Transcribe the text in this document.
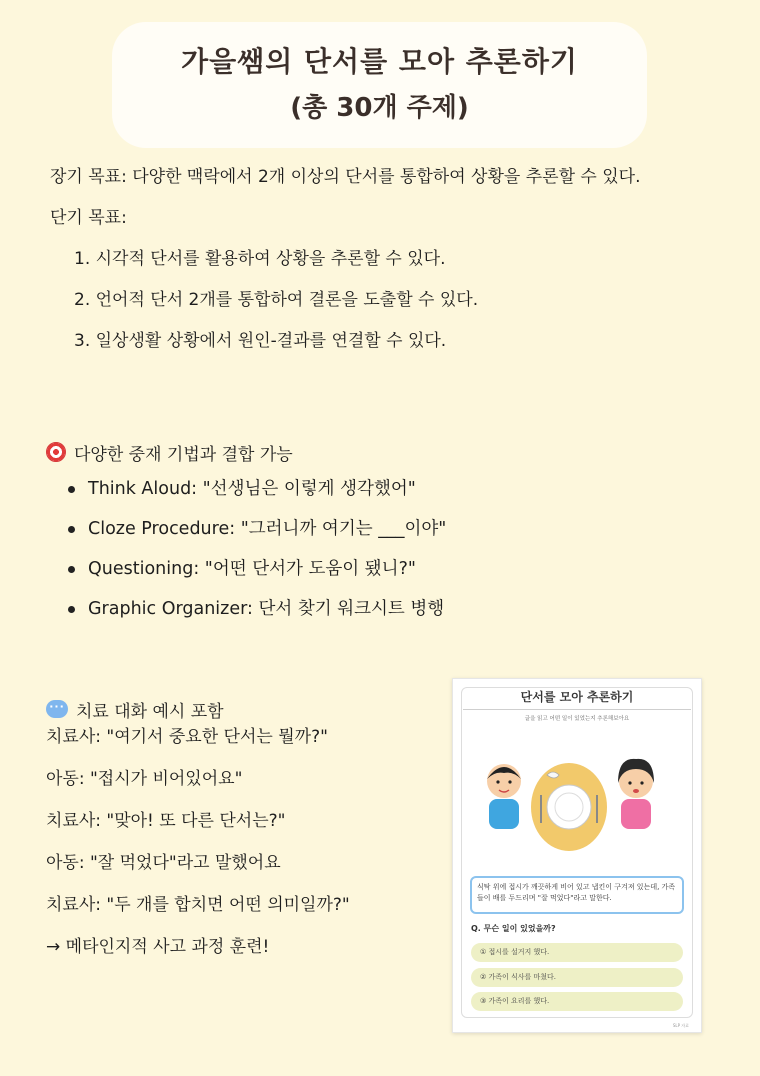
가을쌤의 단서를 모아 추론하기
(총 30개 주제)
장기 목표: 다양한 맥락에서 2개 이상의 단서를 통합하여 상황을 추론할 수 있다.
단기 목표:
1. 시각적 단서를 활용하여 상황을 추론할 수 있다.
2. 언어적 단서 2개를 통합하여 결론을 도출할 수 있다.
3. 일상생활 상황에서 원인-결과를 연결할 수 있다.
다양한 중재 기법과 결합 가능
Think Aloud: "선생님은 이렇게 생각했어"
Cloze Procedure: "그러니까 여기는 ___이야"
Questioning: "어떤 단서가 도움이 됐니?"
Graphic Organizer: 단서 찾기 워크시트 병행
··· 치료 대화 예시 포함
치료사: "여기서 중요한 단서는 뭘까?"
아동: "접시가 비어있어요"
치료사: "맞아! 또 다른 단서는?"
아동: "잘 먹었다"라고 말했어요
치료사: "두 개를 합치면 어떤 의미일까?"
→ 메타인지적 사고 과정 훈련!
단서를 모아 추론하기
글을 읽고 어떤 일이 있었는지 추론해보아요
식탁 위에 접시가 깨끗하게 비어 있고 냅킨이 구겨져 있는데, 가족들이 배를 두드리며 "잘 먹었다"라고 말한다.
Q. 무슨 일이 있었을까?
① 접시를 설거지 했다.
② 가족이 식사를 마쳤다.
③ 가족이 요리를 했다.
SLP 자료
